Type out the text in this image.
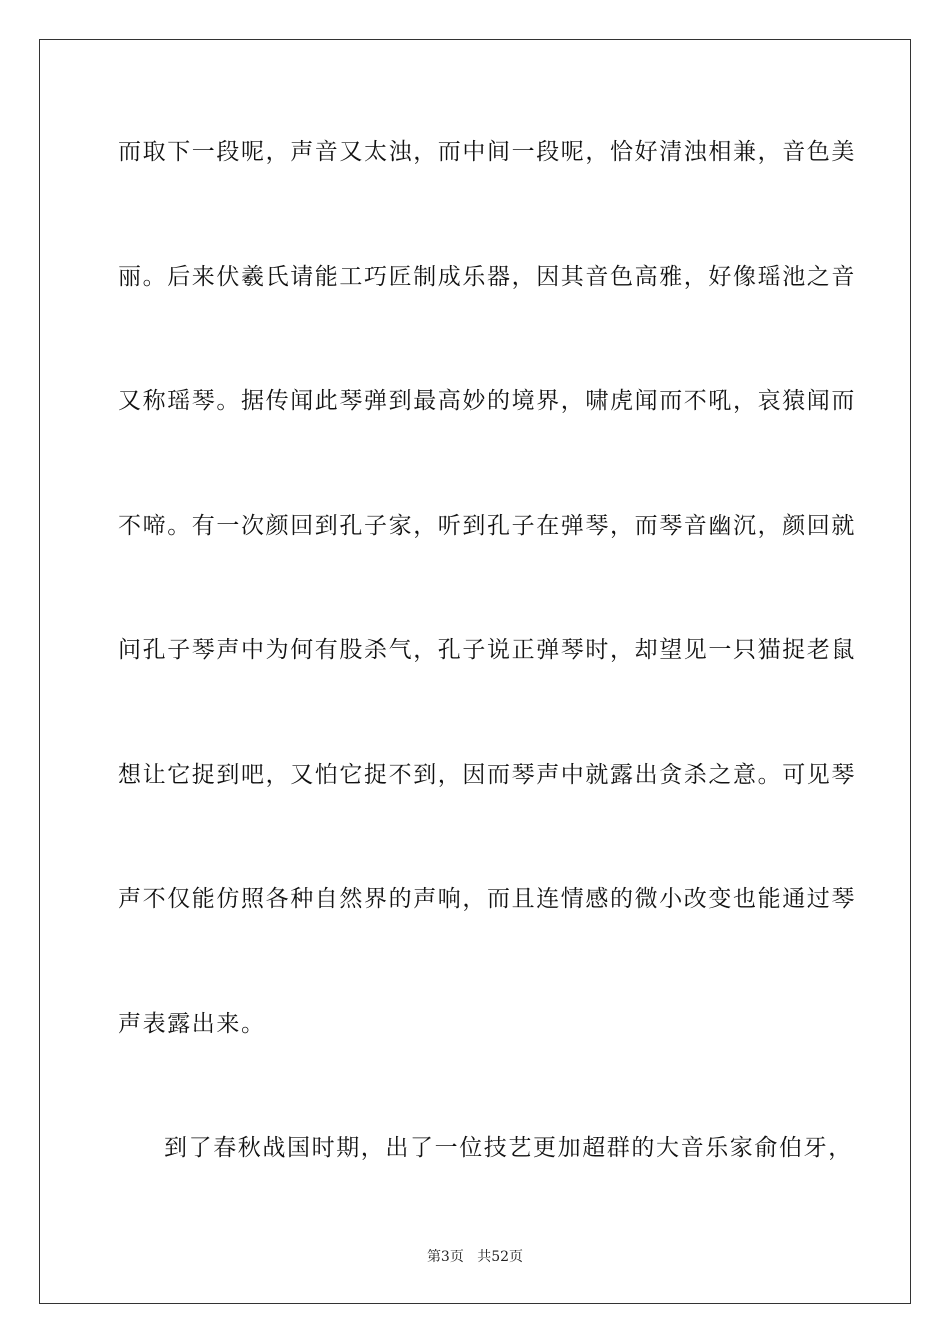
而取下一段呢，声音又太浊，而中间一段呢，恰好清浊相兼，音色美

丽。后来伏羲氏请能工巧匠制成乐器，因其音色高雅，好像瑶池之音

又称瑶琴。据传闻此琴弹到最高妙的境界，啸虎闻而不吼，哀猿闻而

不啼。有一次颜回到孔子家，听到孔子在弹琴，而琴音幽沉，颜回就

问孔子琴声中为何有股杀气，孔子说正弹琴时，却望见一只猫捉老鼠

想让它捉到吧，又怕它捉不到，因而琴声中就露出贪杀之意。可见琴

声不仅能仿照各种自然界的声响，而且连情感的微小改变也能通过琴

声表露出来。

到了春秋战国时期，出了一位技艺更加超群的大音乐家俞伯牙，

第3页 共52页
